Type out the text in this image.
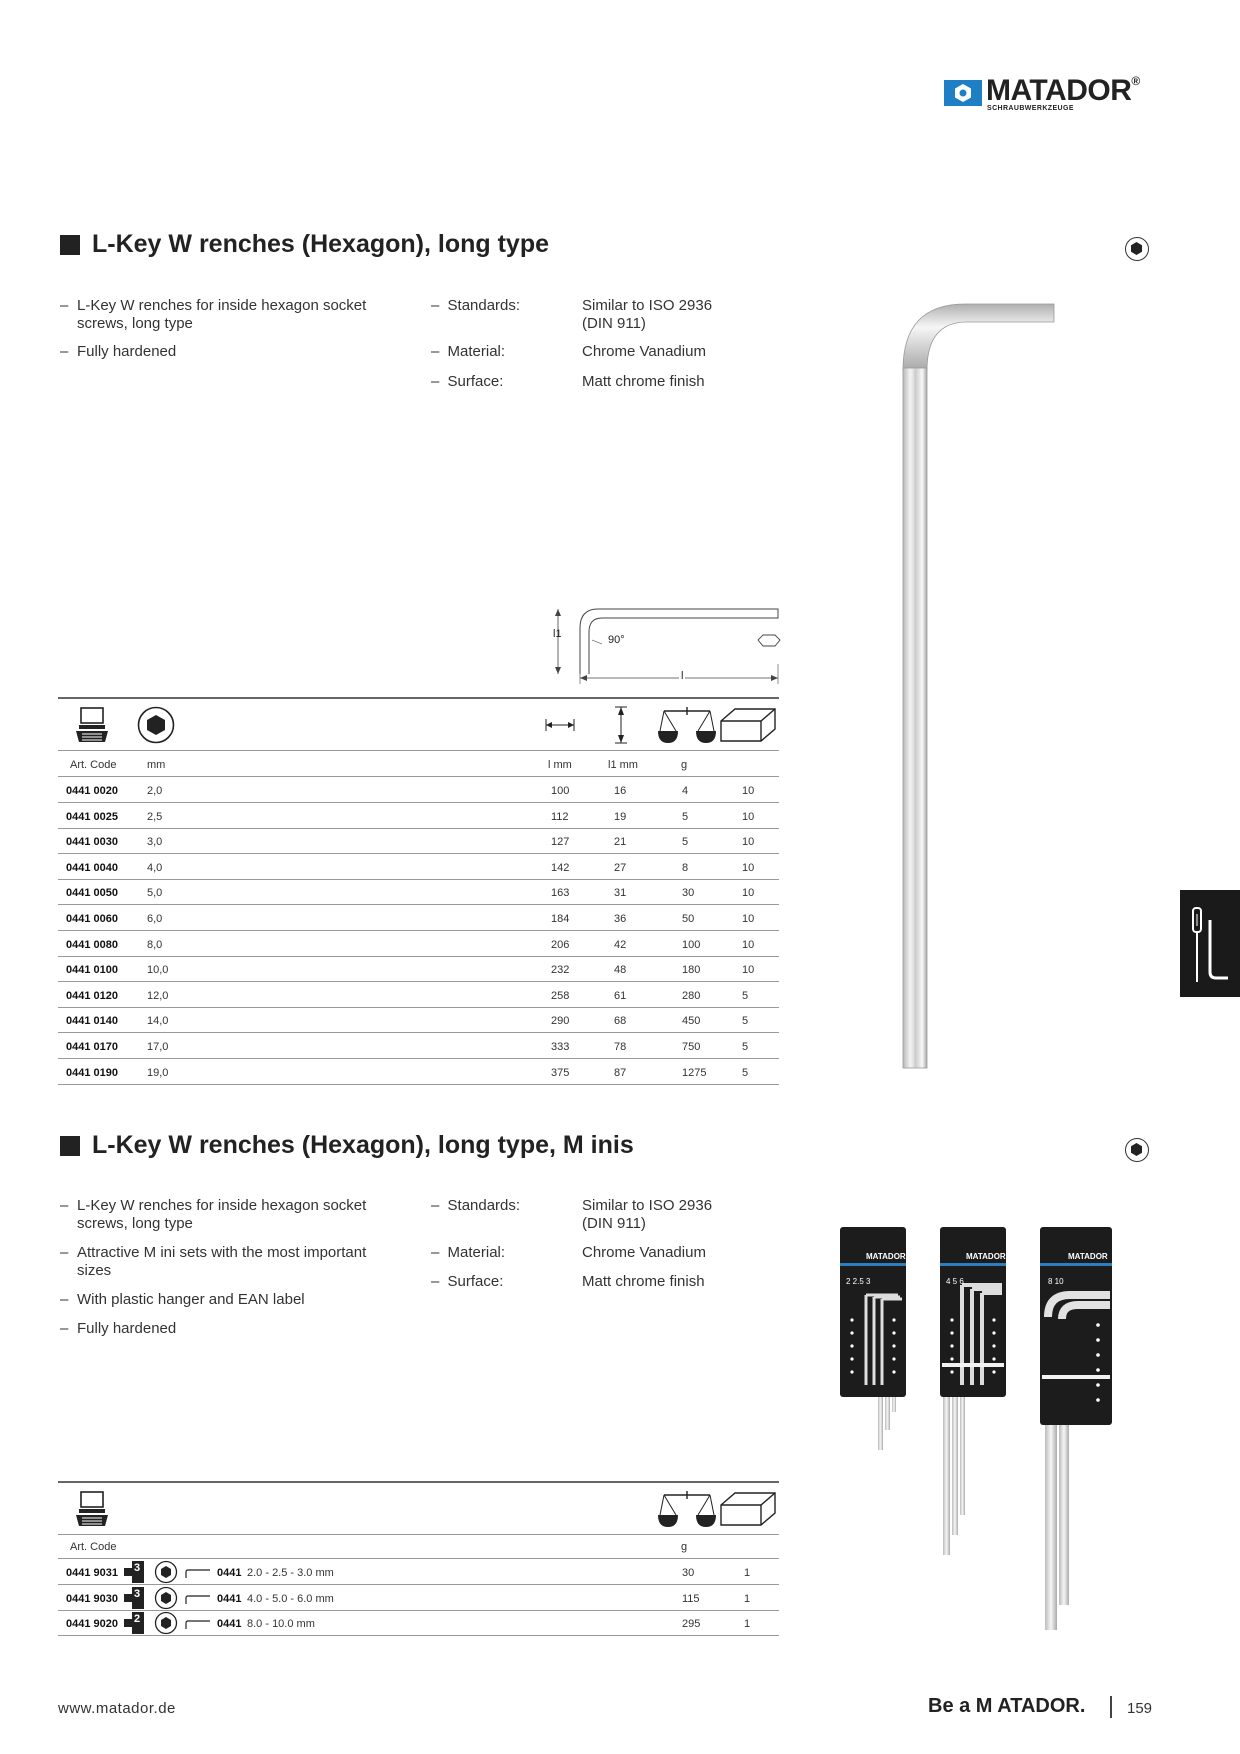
MATADOR®
SCHRAUBWERKZEUGE
L-Key W renches (Hexagon), long type
– L-Key W renches for inside hexagon socket screws, long type
– Fully hardened
– Standards:	Similar to ISO 2936 (DIN 911)
– Material:	Chrome Vanadium
– Surface:	Matt chrome finish
l1	90°
l
Art. Code	mm	l mm	l1 mm	g
0441 0020	2,0	100	16	4	10
0441 0025	2,5	112	19	5	10
0441 0030	3,0	127	21	5	10
0441 0040	4,0	142	27	8	10
0441 0050	5,0	163	31	30	10
0441 0060	6,0	184	36	50	10
0441 0080	8,0	206	42	100	10
0441 0100	10,0	232	48	180	10
0441 0120	12,0	258	61	280	5
0441 0140	14,0	290	68	450	5
0441 0170	17,0	333	78	750	5
0441 0190	19,0	375	87	1275	5
L-Key W renches (Hexagon), long type, M inis
– L-Key W renches for inside hexagon socket screws, long type
– Attractive M ini sets with the most important sizes
– With plastic hanger and EAN label
– Fully hardened
– Standards:	Similar to ISO 2936 (DIN 911)
– Material:	Chrome Vanadium
– Surface:	Matt chrome finish
MATADOR
2 2.5 3
MATADOR
4 5 6
MATADOR
8 10
Art. Code	g
0441 9031 3	0441 2.0 - 2.5 - 3.0 mm	30	1
0441 9030 3	0441 4.0 - 5.0 - 6.0 mm	115	1
0441 9020 2	0441 8.0 - 10.0 mm	295	1
www.matador.de	Be a M ATADOR.	159
